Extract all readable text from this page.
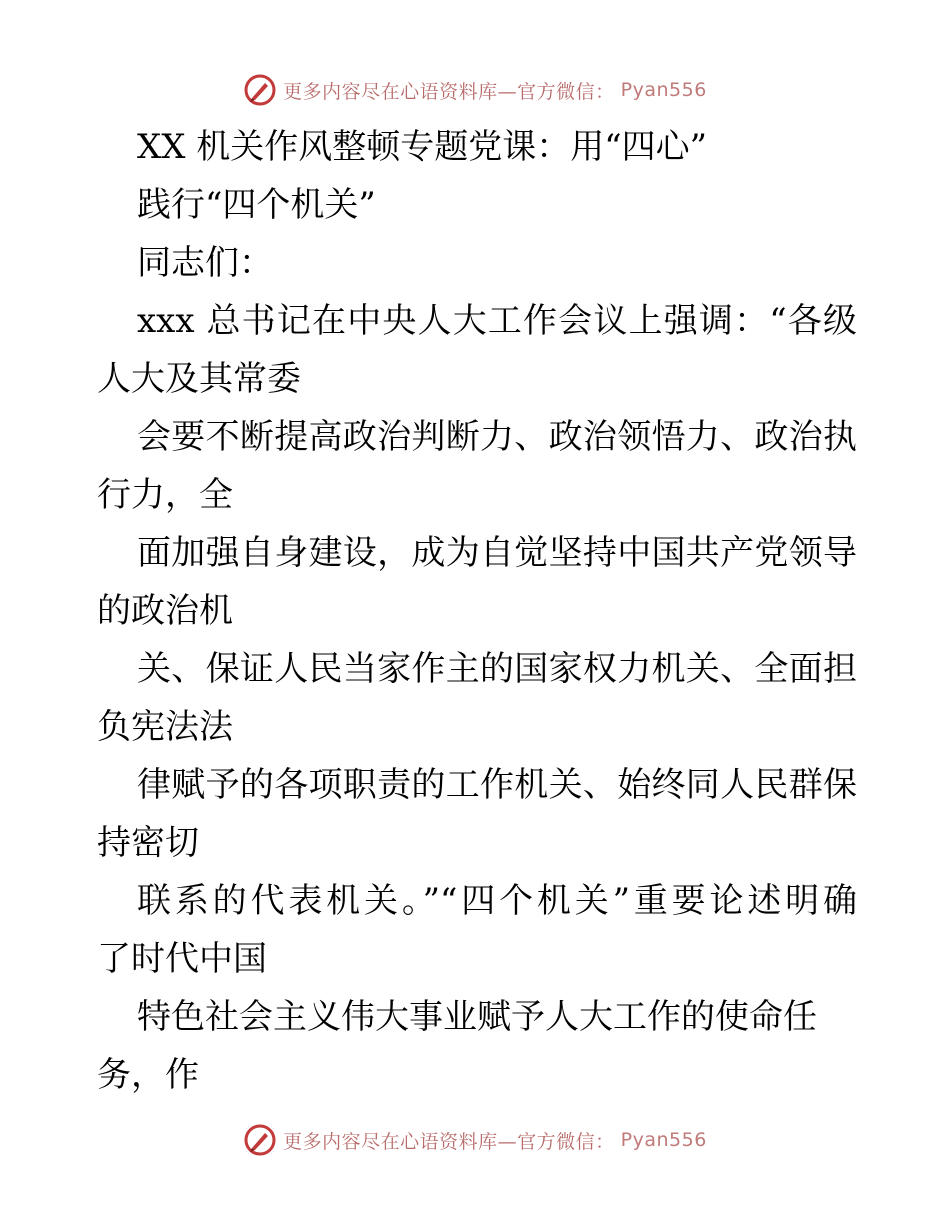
更多内容尽在心语资料库—官方微信： Pyan556
XX 机关作风整顿专题党课：用“四心”
践行“四个机关”
同志们：
xxx 总书记在中央人大工作会议上强调：“各级
人大及其常委
会要不断提高政治判断力、政治领悟力、政治执
行力，全
面加强自身建设，成为自觉坚持中国共产党领导
的政治机
关、保证人民当家作主的国家权力机关、全面担
负宪法法
律赋予的各项职责的工作机关、始终同人民群保
持密切
联系的代表机关。”“四个机关”重要论述明确
了时代中国
特色社会主义伟大事业赋予人大工作的使命任
务，作
更多内容尽在心语资料库—官方微信： Pyan556
